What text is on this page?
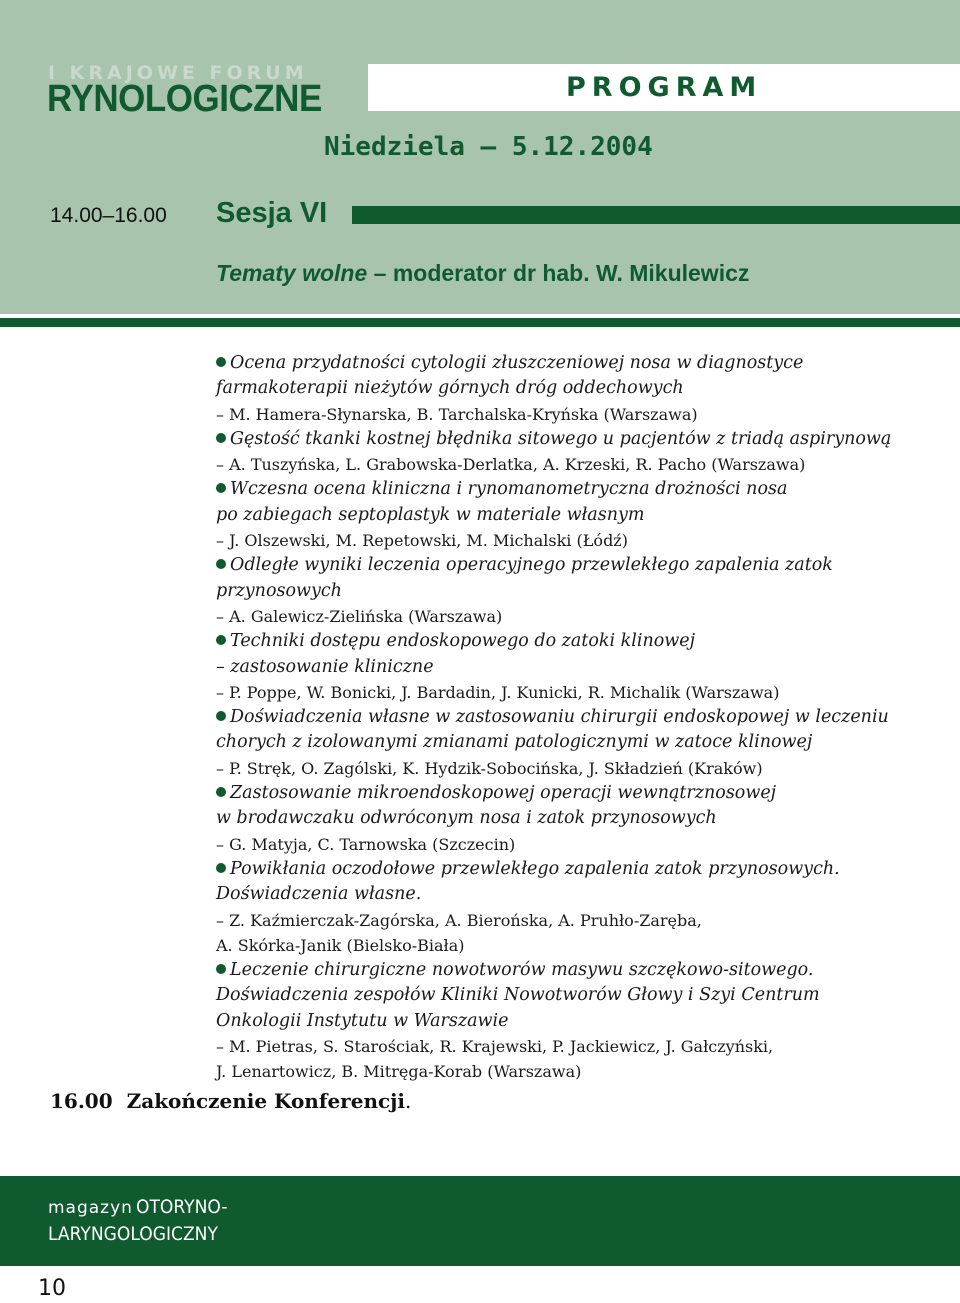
I KRAJOWE FORUM
RYNOLOGICZNE	PROGRAM
Niedziela – 5.12.2004
14.00–16.00 Sesja VI
Tematy wolne – moderator dr hab. W. Mikulewicz
Ocena przydatności cytologii złuszczeniowej nosa w diagnostyce
farmakoterapii nieżytów górnych dróg oddechowych
– M. Hamera-Słynarska, B. Tarchalska-Kryńska (Warszawa)
Gęstość tkanki kostnej błędnika sitowego u pacjentów z triadą aspirynową
– A. Tuszyńska, L. Grabowska-Derlatka, A. Krzeski, R. Pacho (Warszawa)
Wczesna ocena kliniczna i rynomanometryczna drożności nosa
po zabiegach septoplastyk w materiale własnym
– J. Olszewski, M. Repetowski, M. Michalski (Łódź)
Odległe wyniki leczenia operacyjnego przewlekłego zapalenia zatok
przynosowych
– A. Galewicz-Zielińska (Warszawa)
Techniki dostępu endoskopowego do zatoki klinowej
– zastosowanie kliniczne
– P. Poppe, W. Bonicki, J. Bardadin, J. Kunicki, R. Michalik (Warszawa)
Doświadczenia własne w zastosowaniu chirurgii endoskopowej w leczeniu
chorych z izolowanymi zmianami patologicznymi w zatoce klinowej
– P. Stręk, O. Zagólski, K. Hydzik-Sobocińska, J. Składzień (Kraków)
Zastosowanie mikroendoskopowej operacji wewnątrznosowej
w brodawczaku odwróconym nosa i zatok przynosowych
– G. Matyja, C. Tarnowska (Szczecin)
Powikłania oczodołowe przewlekłego zapalenia zatok przynosowych.
Doświadczenia własne.
– Z. Kaźmierczak-Zagórska, A. Bierońska, A. Pruhło-Zaręba,
A. Skórka-Janik (Bielsko-Biała)
Leczenie chirurgiczne nowotworów masywu szczękowo-sitowego.
Doświadczenia zespołów Kliniki Nowotworów Głowy i Szyi Centrum
Onkologii Instytutu w Warszawie
– M. Pietras, S. Starościak, R. Krajewski, P. Jackiewicz, J. Gałczyński,
J. Lenartowicz, B. Mitręga-Korab (Warszawa)
16.00 Zakończenie Konferencji.
magazyn OTORYNO-
LARYNGOLOGICZNY
10
